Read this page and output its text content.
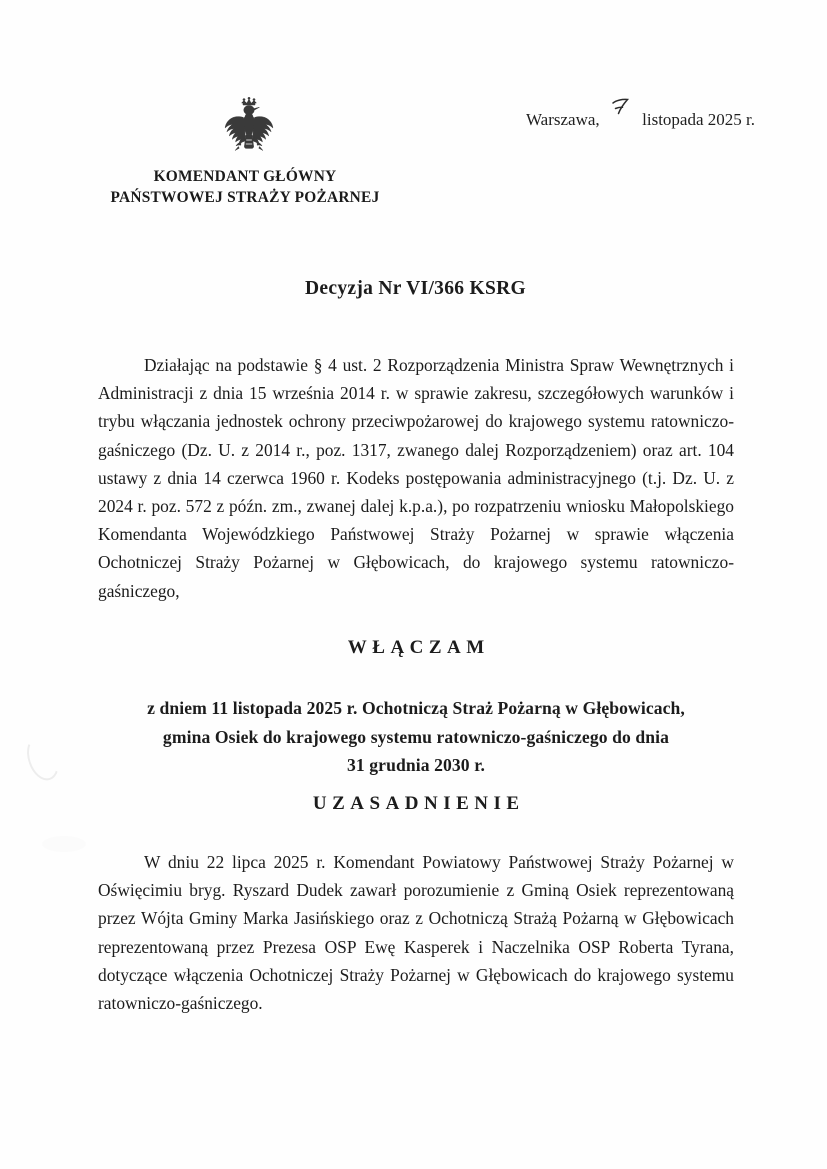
Warszawa,	listopada 2025 r.
KOMENDANT GŁÓWNY
PAŃSTWOWEJ STRAŻY POŻARNEJ
Decyzja Nr VI/366 KSRG
Działając na podstawie § 4 ust. 2 Rozporządzenia Ministra Spraw Wewnętrznych i Administracji z dnia 15 września 2014 r. w sprawie zakresu, szczegółowych warunków i trybu włączania jednostek ochrony przeciwpożarowej do krajowego systemu ratowniczo-gaśniczego (Dz. U. z 2014 r., poz. 1317, zwanego dalej Rozporządzeniem) oraz art. 104 ustawy z dnia 14 czerwca 1960 r. Kodeks postępowania administracyjnego (t.j. Dz. U. z 2024 r. poz. 572 z późn. zm., zwanej dalej k.p.a.), po rozpatrzeniu wniosku Małopolskiego Komendanta Wojewódzkiego Państwowej Straży Pożarnej w sprawie włączenia Ochotniczej Straży Pożarnej w Głębowicach, do krajowego systemu ratowniczo-gaśniczego,
WŁĄCZAM
z dniem 11 listopada 2025 r. Ochotniczą Straż Pożarną w Głębowicach,
gmina Osiek do krajowego systemu ratowniczo-gaśniczego do dnia
31 grudnia 2030 r.
UZASADNIENIE
W dniu 22 lipca 2025 r. Komendant Powiatowy Państwowej Straży Pożarnej w Oświęcimiu bryg. Ryszard Dudek zawarł porozumienie z Gminą Osiek reprezentowaną przez Wójta Gminy Marka Jasińskiego oraz z Ochotniczą Strażą Pożarną w Głębowicach reprezentowaną przez Prezesa OSP Ewę Kasperek i Naczelnika OSP Roberta Tyrana, dotyczące włączenia Ochotniczej Straży Pożarnej w Głębowicach do krajowego systemu ratowniczo-gaśniczego.
